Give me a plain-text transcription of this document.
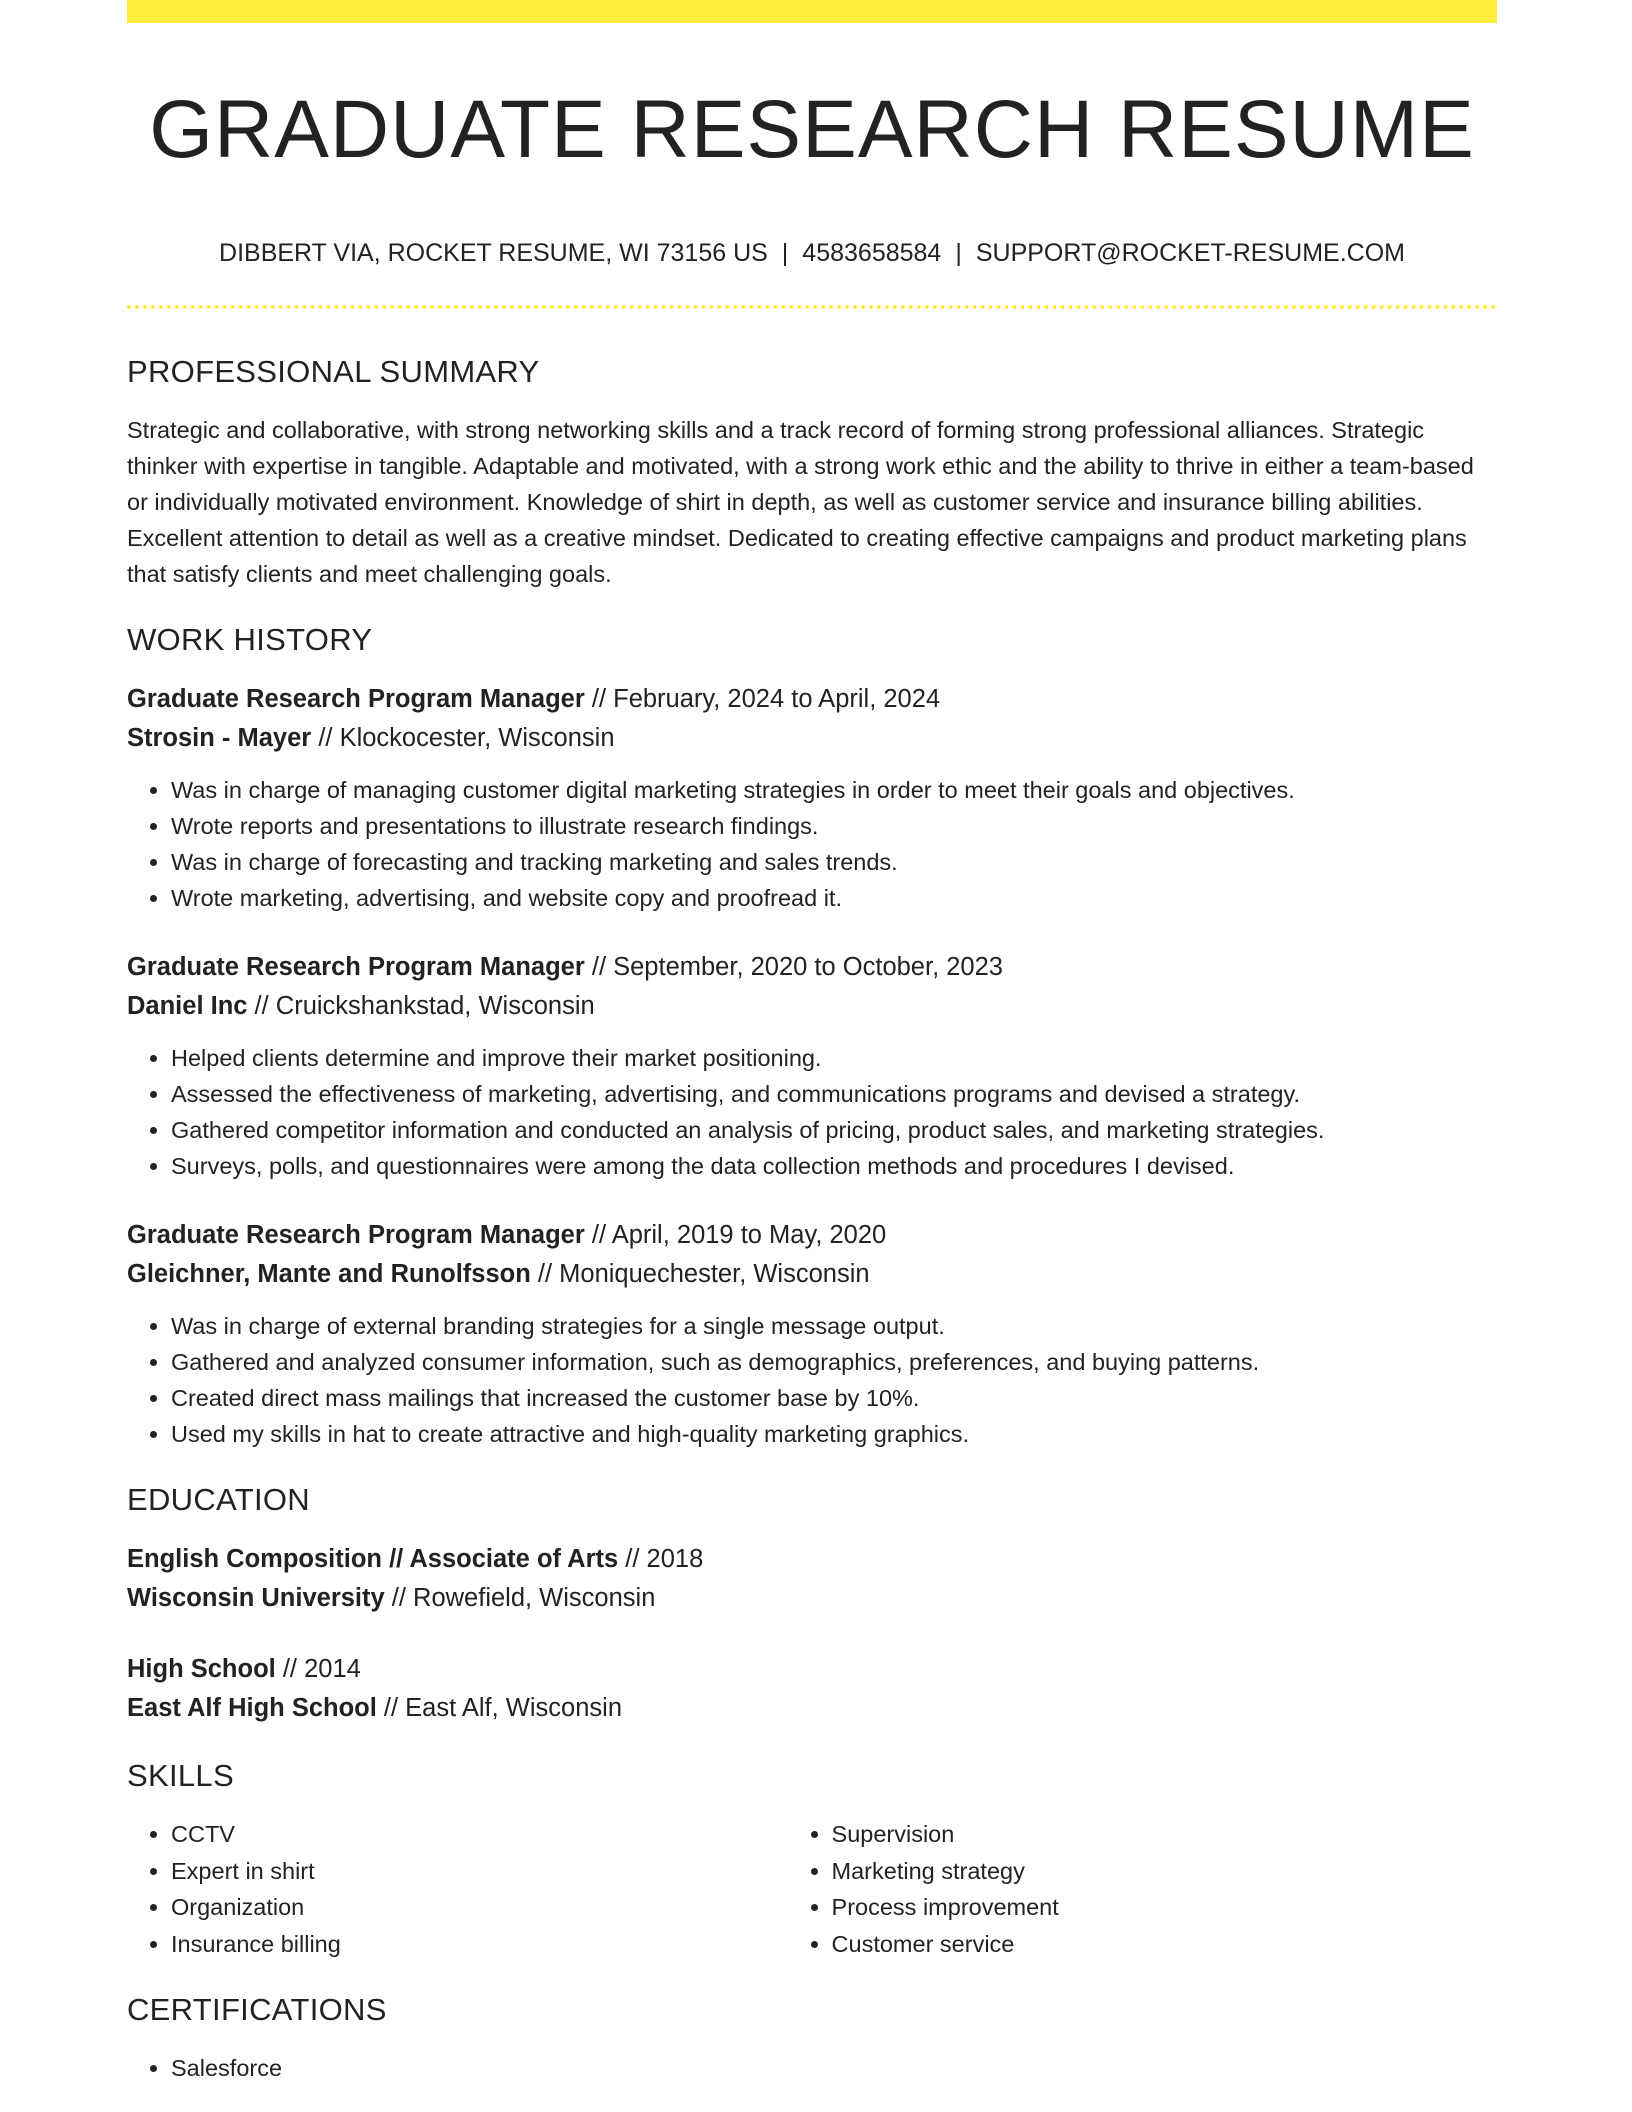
GRADUATE RESEARCH RESUME
DIBBERT VIA, ROCKET RESUME, WI 73156 US | 4583658584 | SUPPORT@ROCKET-RESUME.COM
PROFESSIONAL SUMMARY

Strategic and collaborative, with strong networking skills and a track record of forming strong professional alliances. Strategic thinker with expertise in tangible. Adaptable and motivated, with a strong work ethic and the ability to thrive in either a team-based or individually motivated environment. Knowledge of shirt in depth, as well as customer service and insurance billing abilities. Excellent attention to detail as well as a creative mindset. Dedicated to creating effective campaigns and product marketing plans that satisfy clients and meet challenging goals.

WORK HISTORY
Graduate Research Program Manager // February, 2024 to April, 2024
Strosin - Mayer // Klockocester, Wisconsin
• Was in charge of managing customer digital marketing strategies in order to meet their goals and objectives.
• Wrote reports and presentations to illustrate research findings.
• Was in charge of forecasting and tracking marketing and sales trends.
• Wrote marketing, advertising, and website copy and proofread it.
Graduate Research Program Manager // September, 2020 to October, 2023
Daniel Inc // Cruickshankstad, Wisconsin
• Helped clients determine and improve their market positioning.
• Assessed the effectiveness of marketing, advertising, and communications programs and devised a strategy.
• Gathered competitor information and conducted an analysis of pricing, product sales, and marketing strategies.
• Surveys, polls, and questionnaires were among the data collection methods and procedures I devised.
Graduate Research Program Manager // April, 2019 to May, 2020
Gleichner, Mante and Runolfsson // Moniquechester, Wisconsin
• Was in charge of external branding strategies for a single message output.
• Gathered and analyzed consumer information, such as demographics, preferences, and buying patterns.
• Created direct mass mailings that increased the customer base by 10%.
• Used my skills in hat to create attractive and high-quality marketing graphics.
EDUCATION
English Composition // Associate of Arts // 2018
Wisconsin University // Rowefield, Wisconsin
High School // 2014
East Alf High School // East Alf, Wisconsin
SKILLS
• CCTV
• Expert in shirt
• Organization
• Insurance billing
• Supervision
• Marketing strategy
• Process improvement
• Customer service
CERTIFICATIONS
• Salesforce
